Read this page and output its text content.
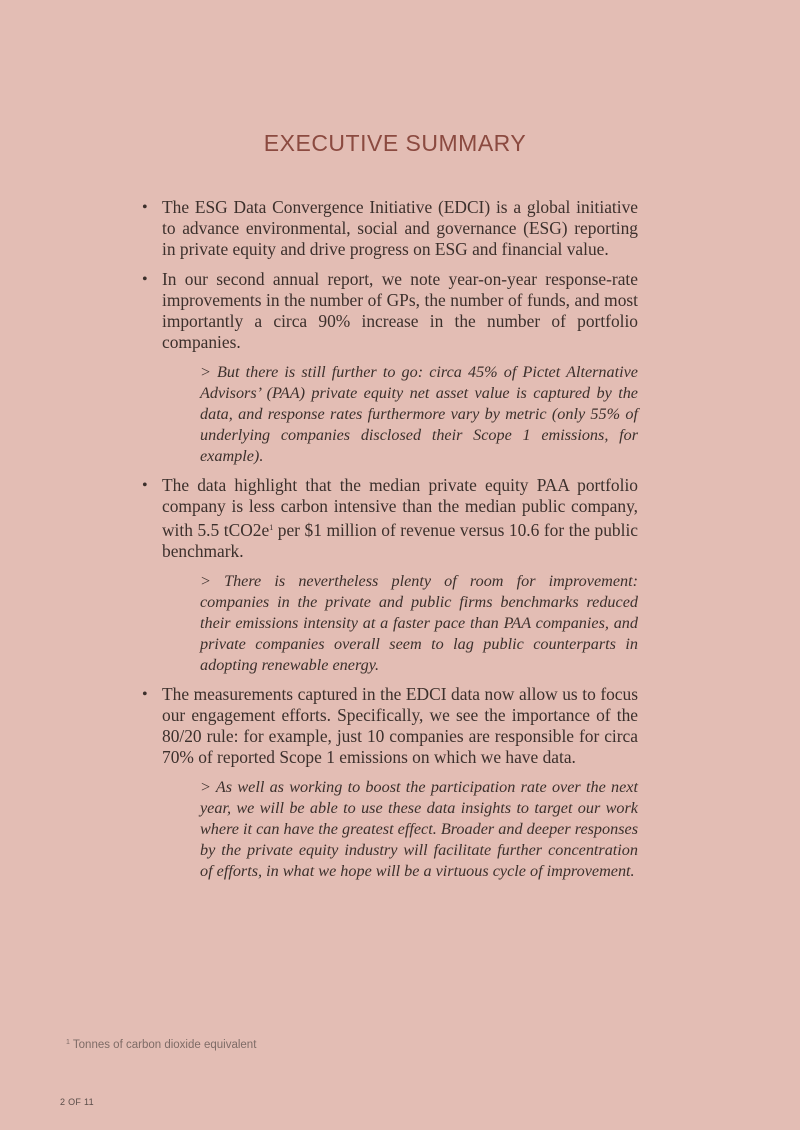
EXECUTIVE SUMMARY

• The ESG Data Convergence Initiative (EDCI) is a global initiative to advance environmental, social and governance (ESG) reporting in private equity and drive progress on ESG and financial value.

• In our second annual report, we note year-on-year response-rate improvements in the number of GPs, the number of funds, and most importantly a circa 90% increase in the number of portfolio companies.

> But there is still further to go: circa 45% of Pictet Alternative Advisors’ (PAA) private equity net asset value is captured by the data, and response rates furthermore vary by metric (only 55% of underlying companies disclosed their Scope 1 emissions, for example).

• The data highlight that the median private equity PAA portfolio company is less carbon intensive than the median public company, with 5.5 tCO2e$^1$ per $1 million of revenue versus 10.6 for the public benchmark.

> There is nevertheless plenty of room for improvement: companies in the private and public firms benchmarks reduced their emissions intensity at a faster pace than PAA companies, and private companies overall seem to lag public counterparts in adopting renewable energy.

• The measurements captured in the EDCI data now allow us to focus our engagement efforts. Specifically, we see the importance of the 80/20 rule: for example, just 10 companies are responsible for circa 70% of reported Scope 1 emissions on which we have data.

> As well as working to boost the participation rate over the next year, we will be able to use these data insights to target our work where it can have the greatest effect. Broader and deeper responses by the private equity industry will facilitate further concentration of efforts, in what we hope will be a virtuous cycle of improvement.

$^1$ Tonnes of carbon dioxide equivalent
2 OF 11
